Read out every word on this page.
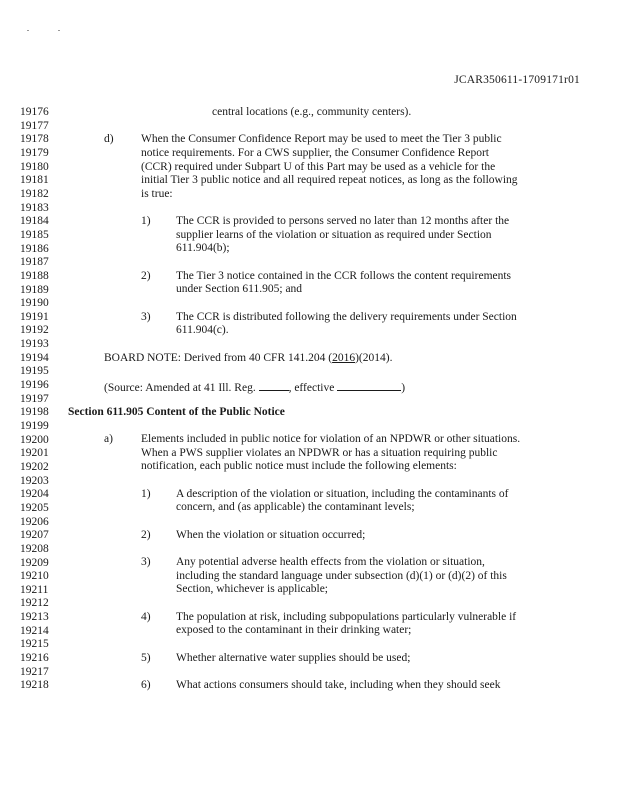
JCAR350611-1709171r01
19176
19177
19178
19179
19180
19181
19182
19183
19184
19185
19186
19187
19188
19189
19190
19191
19192
19193
19194
19195
19196
19197
19198
19199
19200
19201
19202
19203
19204
19205
19206
19207
19208
19209
19210
19211
19212
19213
19214
19215
19216
19217
19218
central locations (e.g., community centers).
d) When the Consumer Confidence Report may be used to meet the Tier 3 public
notice requirements. For a CWS supplier, the Consumer Confidence Report
(CCR) required under Subpart U of this Part may be used as a vehicle for the
initial Tier 3 public notice and all required repeat notices, as long as the following
is true:
1) The CCR is provided to persons served no later than 12 months after the
supplier learns of the violation or situation as required under Section
611.904(b);
2) The Tier 3 notice contained in the CCR follows the content requirements
under Section 611.905; and
3) The CCR is distributed following the delivery requirements under Section
611.904(c).
BOARD NOTE: Derived from 40 CFR 141.204 (2016)(2014).
(Source: Amended at 41 Ill. Reg.	, effective	)
Section 611.905 Content of the Public Notice
a) Elements included in public notice for violation of an NPDWR or other situations.
When a PWS supplier violates an NPDWR or has a situation requiring public
notification, each public notice must include the following elements:
1) A description of the violation or situation, including the contaminants of
concern, and (as applicable) the contaminant levels;
2) When the violation or situation occurred;
3) Any potential adverse health effects from the violation or situation,
including the standard language under subsection (d)(1) or (d)(2) of this
Section, whichever is applicable;
4) The population at risk, including subpopulations particularly vulnerable if
exposed to the contaminant in their drinking water;
5) Whether alternative water supplies should be used;
6) What actions consumers should take, including when they should seek
